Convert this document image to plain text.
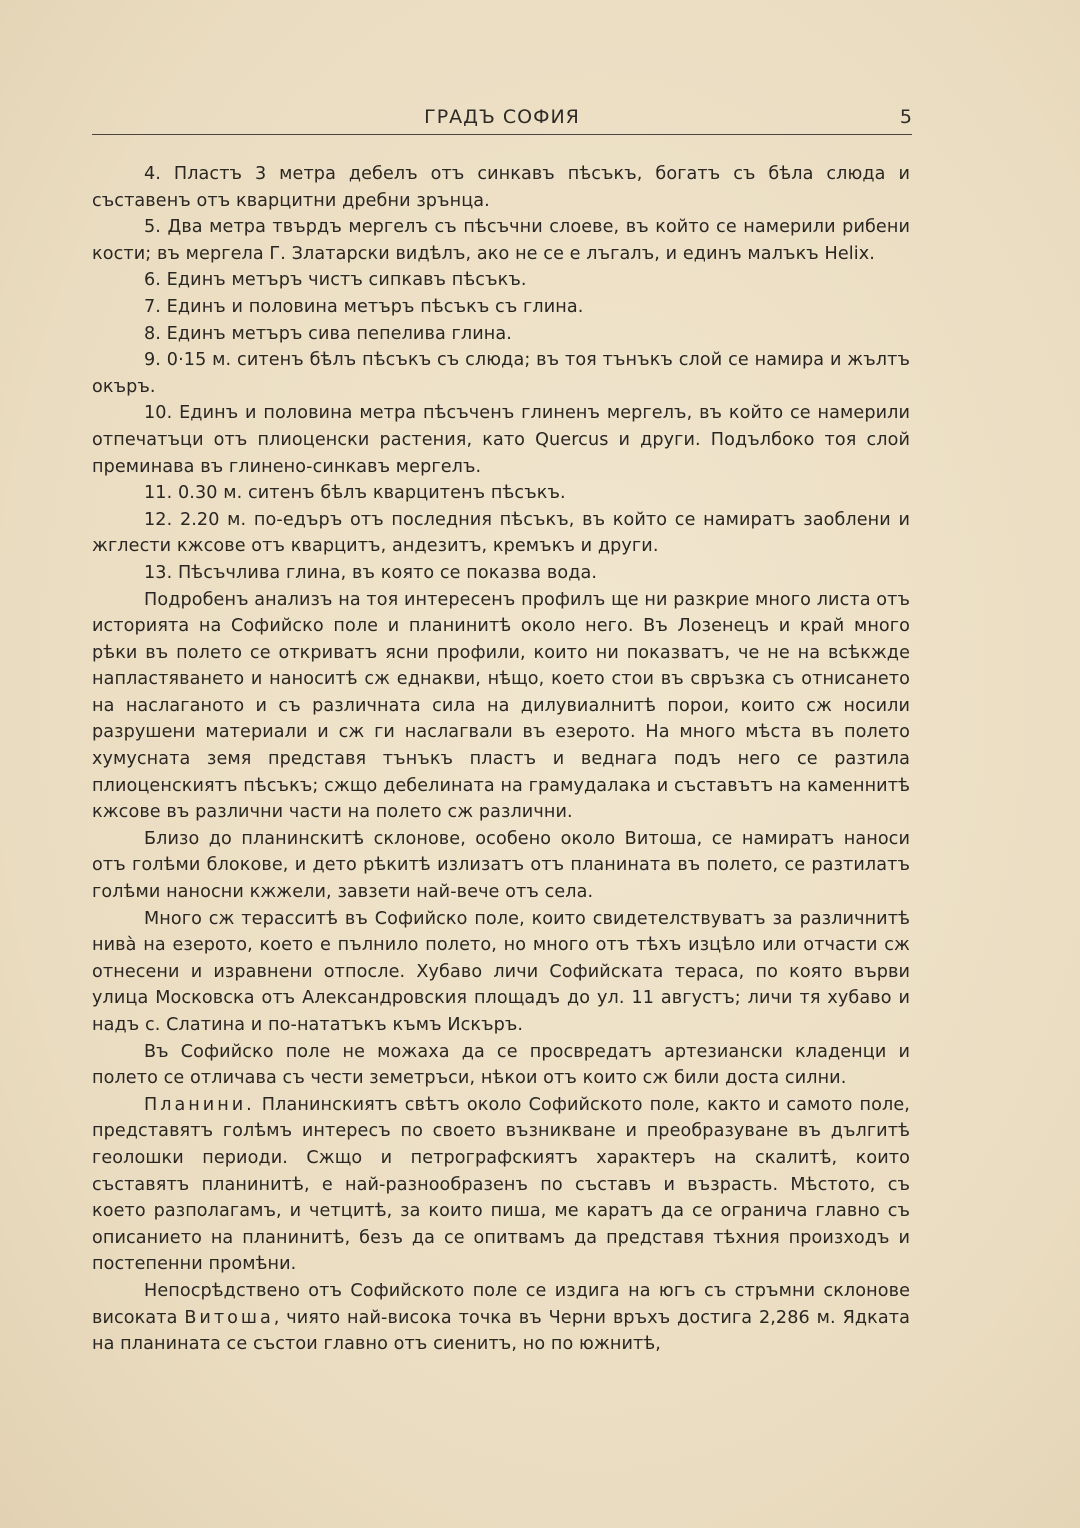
ГРАДЪ СОФИЯ	5

4. Пластъ 3 метра дебелъ отъ синкавъ пѣсъкъ, богатъ съ бѣла слюда и съставенъ отъ кварцитни дребни зрънца.

5. Два метра твърдъ мергелъ съ пѣсъчни слоеве, въ който се намерили рибени кости; въ мергела Г. Златарски видѣлъ, ако не се е лъгалъ, и единъ малъкъ Helix.

6. Единъ метъръ чистъ сипкавъ пѣсъкъ.

7. Единъ и половина метъръ пѣсъкъ съ глина.

8. Единъ метъръ сива пепелива глина.

9. 0·15 м. ситенъ бѣлъ пѣсъкъ съ слюда; въ тоя тънъкъ слой се намира и жълтъ окъръ.

10. Единъ и половина метра пѣсъченъ глиненъ мергелъ, въ който се намерили отпечатъци отъ плиоценски растения, като Quercus и други. Подълбоко тоя слой преминава въ глинено-синкавъ мергелъ.

11. 0.30 м. ситенъ бѣлъ кварцитенъ пѣсъкъ.

12. 2.20 м. по-едъръ отъ последния пѣсъкъ, въ който се намиратъ заоблени и жглести кжсове отъ кварцитъ, андезитъ, кремъкъ и други.

13. Пѣсъчлива глина, въ която се показва вода.

Подробенъ анализъ на тоя интересенъ профилъ ще ни разкрие много листа отъ историята на Софийско поле и планинитѣ около него. Въ Лозенецъ и край много рѣки въ полето се откриватъ ясни профили, които ни показватъ, че не на всѣкжде напластяването и наноситѣ сж еднакви, нѣщо, което стои въ свръзка съ отнисането на наслаганото и съ различната сила на дилувиалнитѣ порои, които сж носили разрушени материали и сж ги наслагвали въ езерото. На много мѣста въ полето хумусната земя представя тънъкъ пластъ и веднага подъ него се разтила плиоценскиятъ пѣсъкъ; сжщо дебелината на грамудалака и съставътъ на каменнитѣ кжсове въ различни части на полето сж различни.

Близо до планинскитѣ склонове, особено около Витоша, се намиратъ наноси отъ голѣми блокове, и дето рѣкитѣ излизатъ отъ планината въ полето, се разтилатъ голѣми наносни кжжели, завзети най-вече отъ села.

Много сж терасситѣ въ Софийско поле, които свидетелствуватъ за различнитѣ нивà на езерото, което е пълнило полето, но много отъ тѣхъ изцѣло или отчасти сж отнесени и изравнени отпосле. Хубаво личи Софийската тераса, по която върви улица Московска отъ Александровския площадъ до ул. 11 августъ; личи тя хубаво и надъ с. Слатина и по-нататъкъ къмъ Искъръ.

Въ Софийско поле не можаха да се просвредатъ артезиански кладенци и полето се отличава съ чести земетръси, нѣкои отъ които сж били доста силни.

Планини. Планинскиятъ свѣтъ около Софийското поле, както и самото поле, представятъ голѣмъ интересъ по своето възникване и преобразуване въ дългитѣ геолошки периоди. Сжщо и петрографскиятъ характеръ на скалитѣ, които съставятъ планинитѣ, е най-разнообразенъ по съставъ и възрасть. Мѣстото, съ което разполагамъ, и четцитѣ, за които пиша, ме каратъ да се огранича главно съ описанието на планинитѣ, безъ да се опитвамъ да представя тѣхния произходъ и постепенни промѣни.

Непосрѣдствено отъ Софийското поле се издига на югъ съ стръмни склонове високата Витоша, чиято най-висока точка въ Черни връхъ достига 2,286 м. Ядката на планината се състои главно отъ сиенитъ, но по южнитѣ,
